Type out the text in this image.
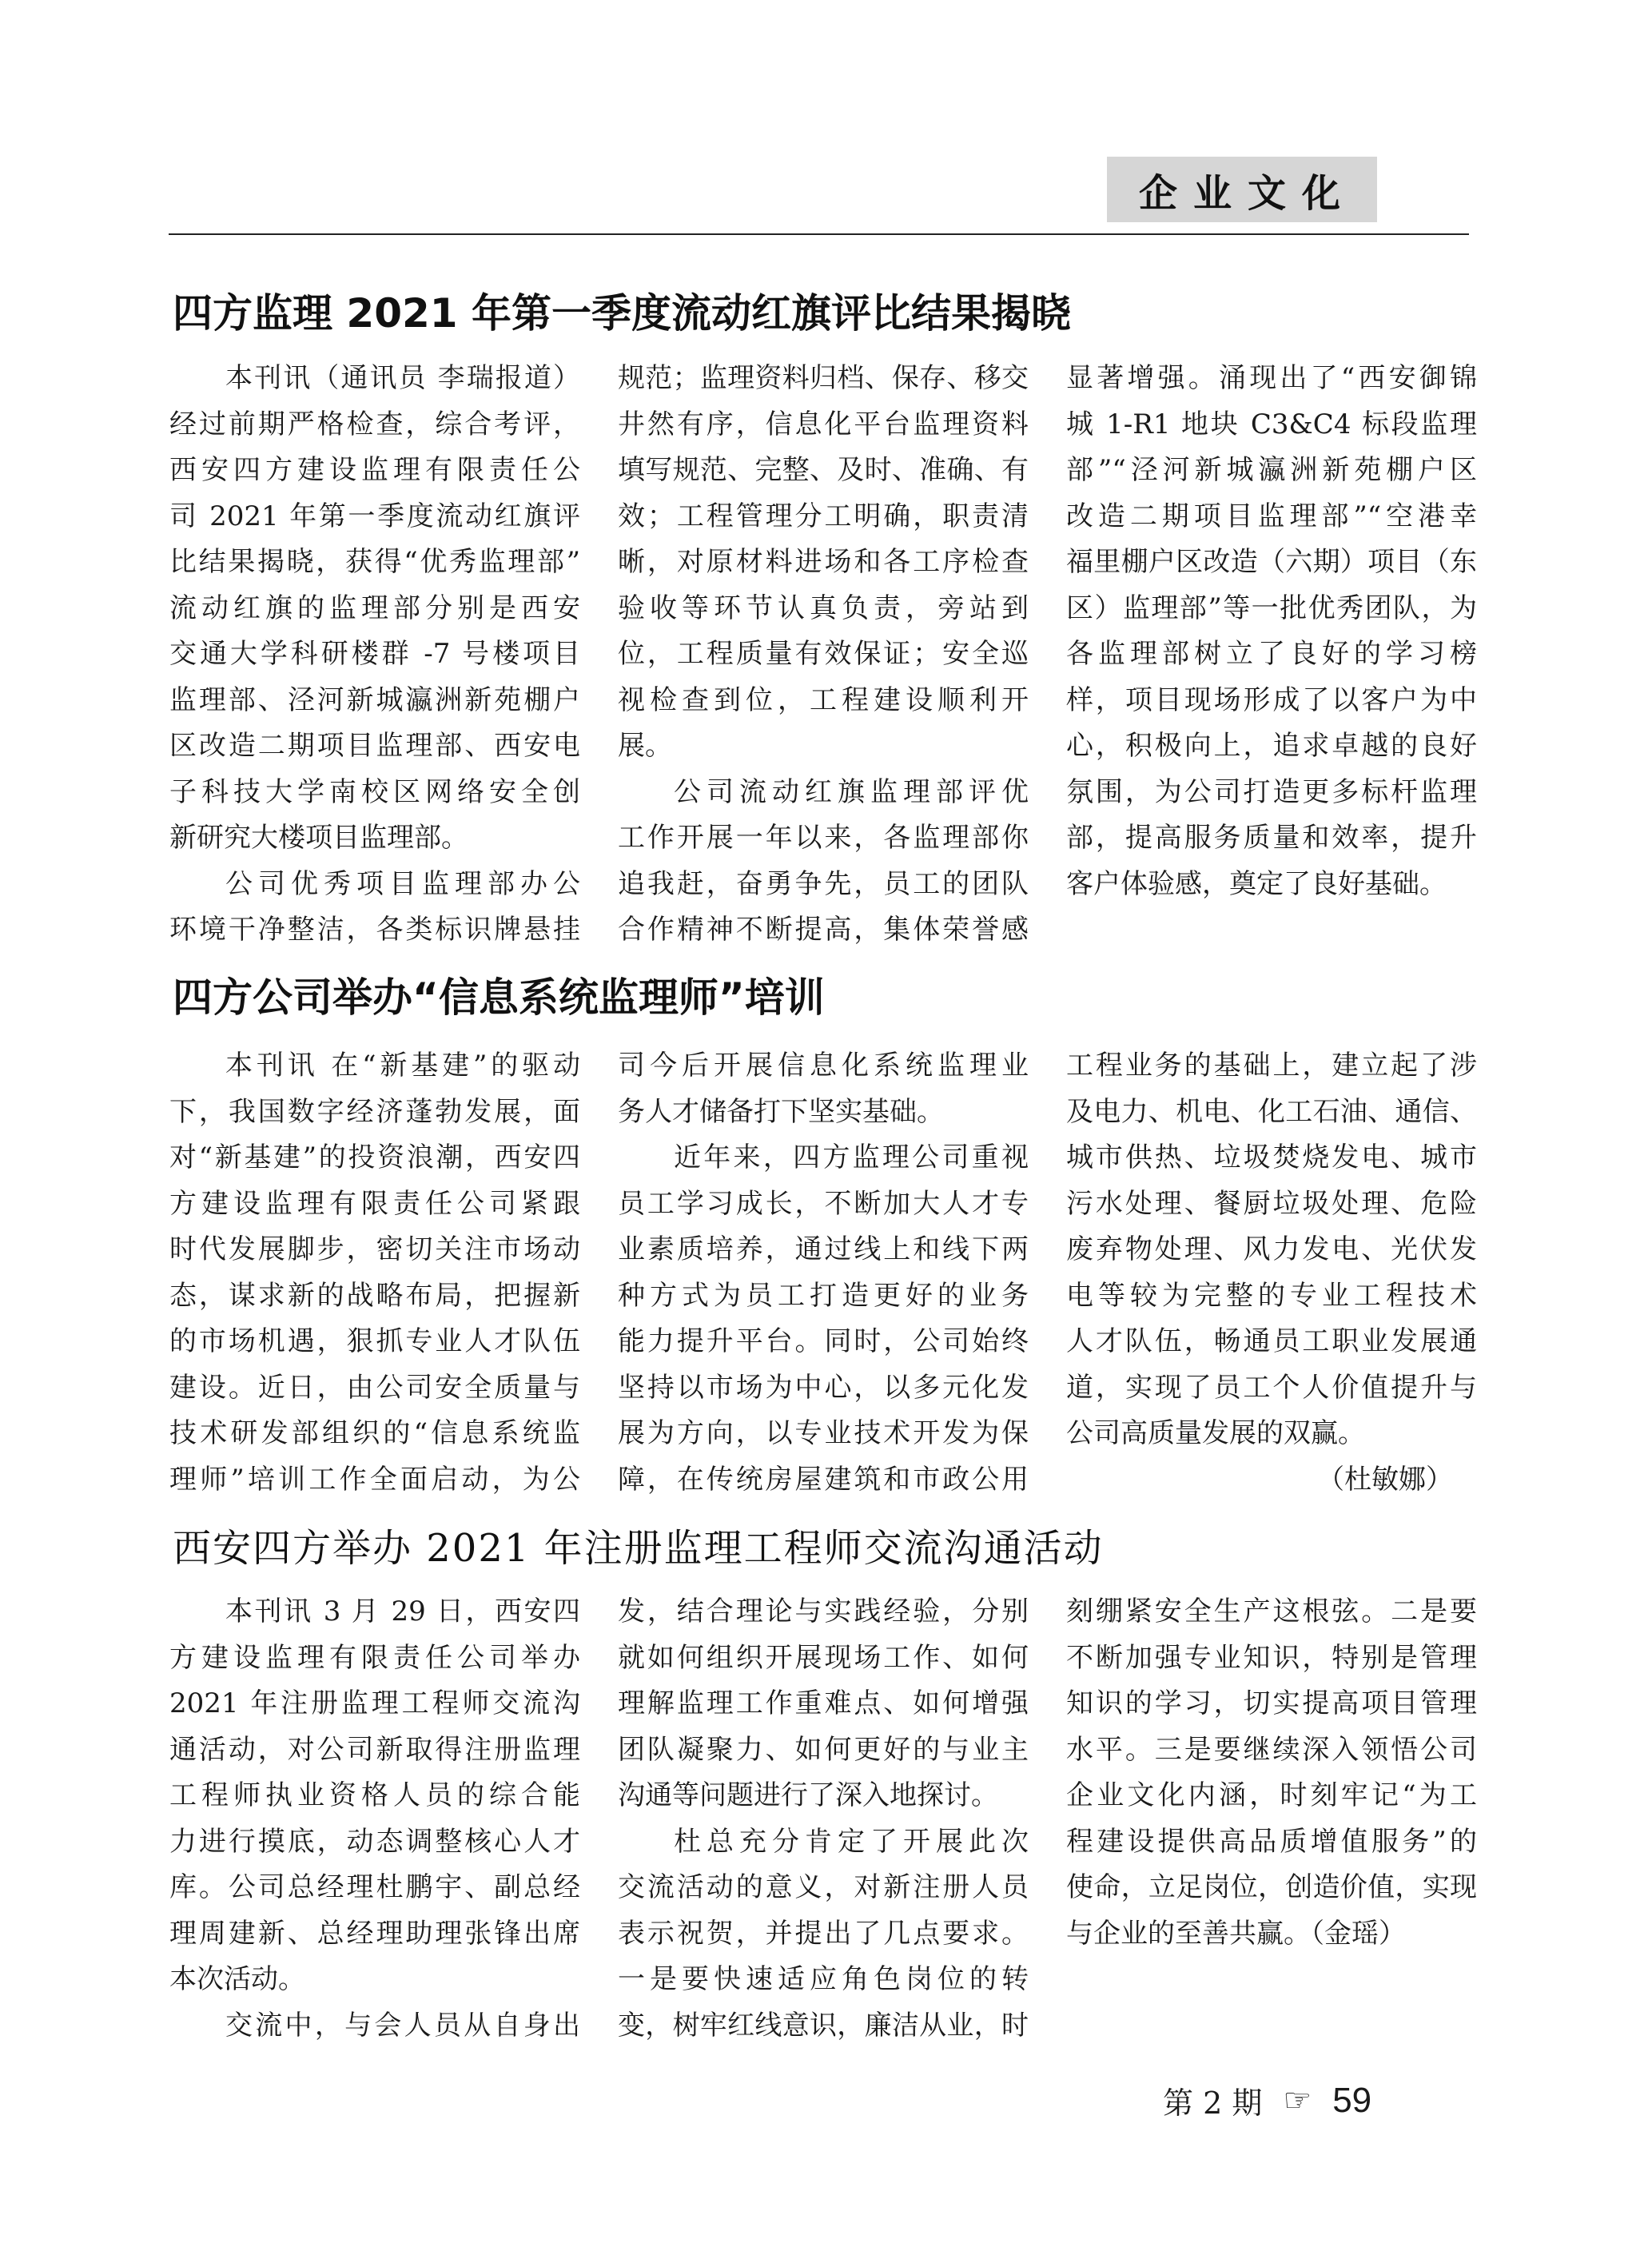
企业文化
四方监理 2021 年第一季度流动红旗评比结果揭晓
本刊讯（通讯员 李瑞报道）
经过前期严格检查，综合考评，
西安四方建设监理有限责任公
司 2021 年第一季度流动红旗评
比结果揭晓，获得“优秀监理部”
流动红旗的监理部分别是西安
交通大学科研楼群 -7 号楼项目
监理部、泾河新城瀛洲新苑棚户
区改造二期项目监理部、西安电
子科技大学南校区网络安全创
新研究大楼项目监理部。
公司优秀项目监理部办公
环境干净整洁，各类标识牌悬挂
规范；监理资料归档、保存、移交
井然有序，信息化平台监理资料
填写规范、完整、及时、准确、有
效；工程管理分工明确，职责清
晰，对原材料进场和各工序检查
验收等环节认真负责，旁站到
位，工程质量有效保证；安全巡
视检查到位，工程建设顺利开
展。
公司流动红旗监理部评优
工作开展一年以来，各监理部你
追我赶，奋勇争先，员工的团队
合作精神不断提高，集体荣誉感
显著增强。涌现出了“西安御锦
城 1-R1 地块 C3&C4 标段监理
部”“泾河新城瀛洲新苑棚户区
改造二期项目监理部”“空港幸
福里棚户区改造（六期）项目（东
区）监理部”等一批优秀团队，为
各监理部树立了良好的学习榜
样，项目现场形成了以客户为中
心，积极向上，追求卓越的良好
氛围，为公司打造更多标杆监理
部，提高服务质量和效率，提升
客户体验感，奠定了良好基础。
四方公司举办“信息系统监理师”培训
本刊讯 在“新基建”的驱动
下，我国数字经济蓬勃发展，面
对“新基建”的投资浪潮，西安四
方建设监理有限责任公司紧跟
时代发展脚步，密切关注市场动
态，谋求新的战略布局，把握新
的市场机遇，狠抓专业人才队伍
建设。近日，由公司安全质量与
技术研发部组织的“信息系统监
理师”培训工作全面启动，为公
司今后开展信息化系统监理业
务人才储备打下坚实基础。
近年来，四方监理公司重视
员工学习成长，不断加大人才专
业素质培养，通过线上和线下两
种方式为员工打造更好的业务
能力提升平台。同时，公司始终
坚持以市场为中心，以多元化发
展为方向，以专业技术开发为保
障，在传统房屋建筑和市政公用
工程业务的基础上，建立起了涉
及电力、机电、化工石油、通信、
城市供热、垃圾焚烧发电、城市
污水处理、餐厨垃圾处理、危险
废弃物处理、风力发电、光伏发
电等较为完整的专业工程技术
人才队伍，畅通员工职业发展通
道，实现了员工个人价值提升与
公司高质量发展的双赢。
（杜敏娜）
西安四方举办 2021 年注册监理工程师交流沟通活动
本刊讯 3 月 29 日，西安四
方建设监理有限责任公司举办
2021 年注册监理工程师交流沟
通活动，对公司新取得注册监理
工程师执业资格人员的综合能
力进行摸底，动态调整核心人才
库。公司总经理杜鹏宇、副总经
理周建新、总经理助理张锋出席
本次活动。
交流中，与会人员从自身出
发，结合理论与实践经验，分别
就如何组织开展现场工作、如何
理解监理工作重难点、如何增强
团队凝聚力、如何更好的与业主
沟通等问题进行了深入地探讨。
杜总充分肯定了开展此次
交流活动的意义，对新注册人员
表示祝贺，并提出了几点要求。
一是要快速适应角色岗位的转
变，树牢红线意识，廉洁从业，时
刻绷紧安全生产这根弦。二是要
不断加强专业知识，特别是管理
知识的学习，切实提高项目管理
水平。三是要继续深入领悟公司
企业文化内涵，时刻牢记“为工
程建设提供高品质增值服务”的
使命，立足岗位，创造价值，实现
与企业的至善共赢。（金瑶）
第 2 期 ☞ 59
